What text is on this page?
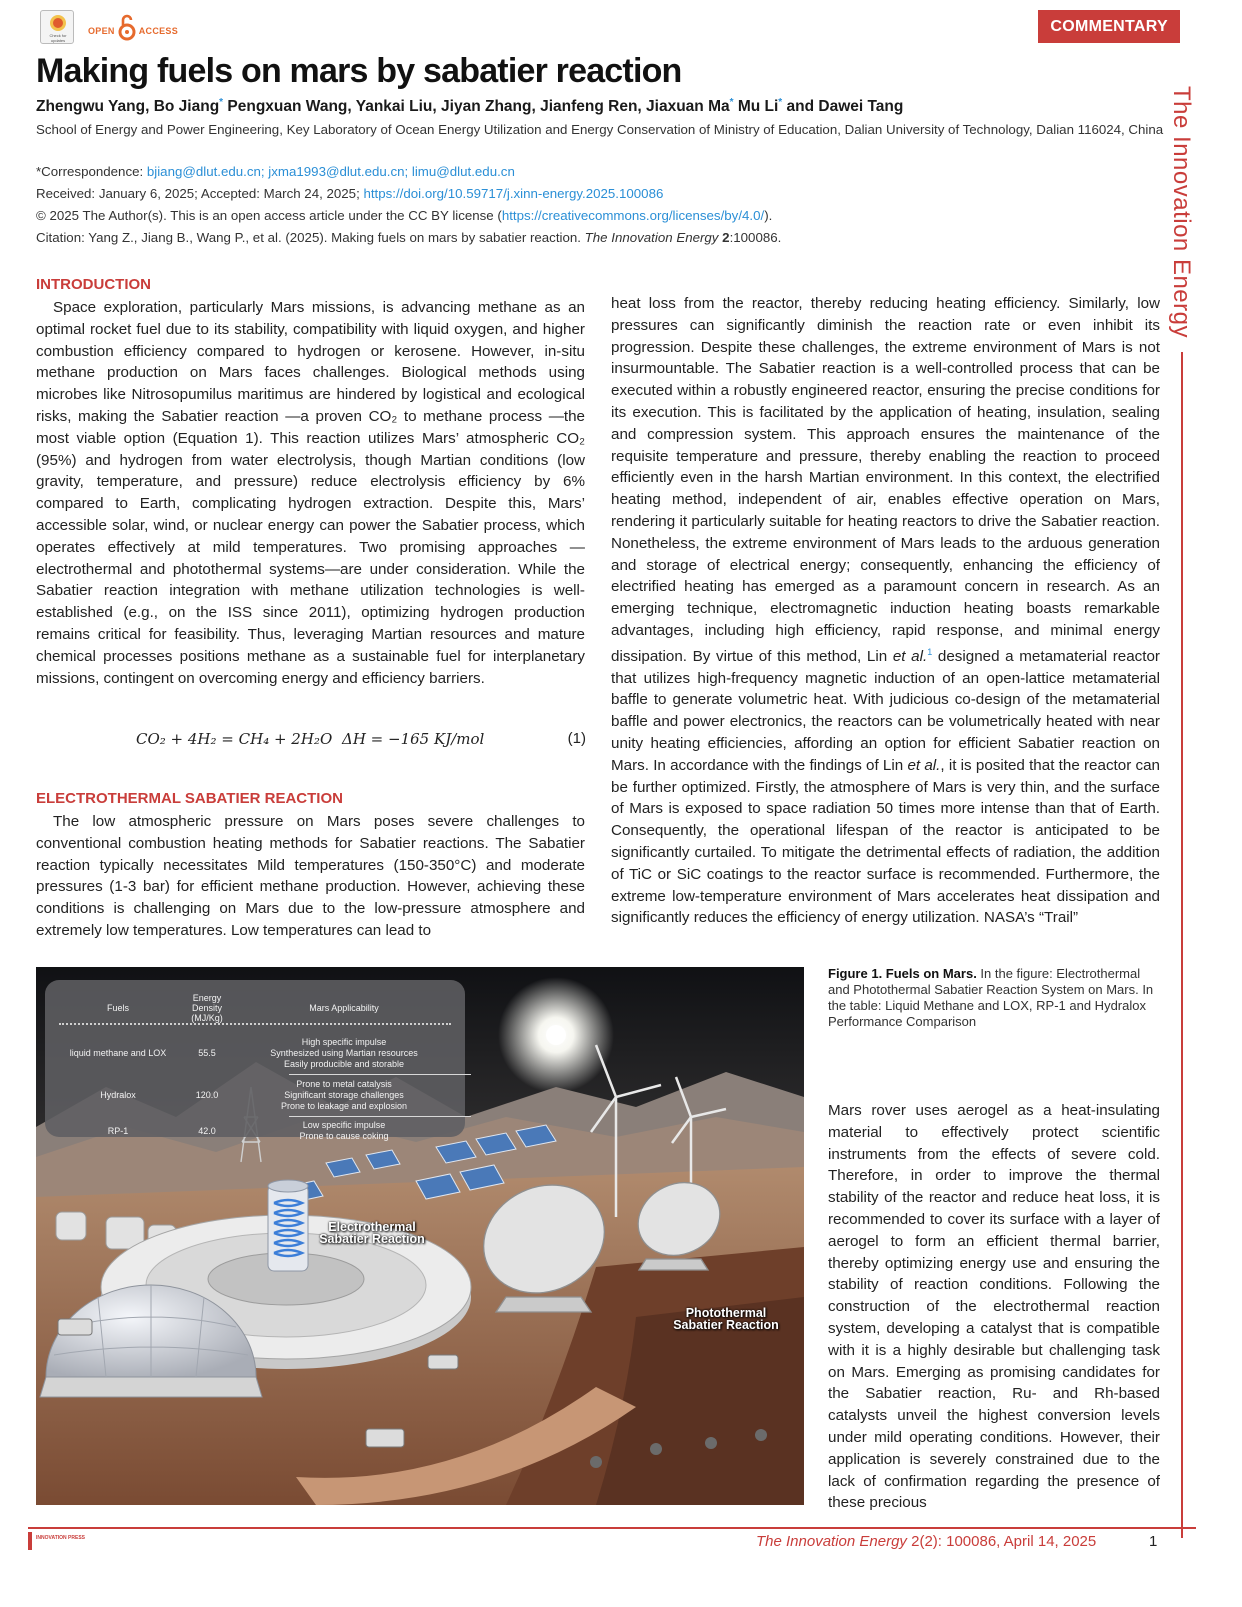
Check for updates
OPEN	ACCESS	COMMENTARY
The Innovation Energy
Making fuels on mars by sabatier reaction
Zhengwu Yang, Bo Jiang* Pengxuan Wang, Yankai Liu, Jiyan Zhang, Jianfeng Ren, Jiaxuan Ma* Mu Li* and Dawei Tang
School of Energy and Power Engineering, Key Laboratory of Ocean Energy Utilization and Energy Conservation of Ministry of Education, Dalian University of Technology, Dalian 116024, China
*Correspondence: bjiang@dlut.edu.cn; jxma1993@dlut.edu.cn; limu@dlut.edu.cn
Received: January 6, 2025; Accepted: March 24, 2025; https://doi.org/10.59717/j.xinn-energy.2025.100086
© 2025 The Author(s). This is an open access article under the CC BY license (https://creativecommons.org/licenses/by/4.0/).
Citation: Yang Z., Jiang B., Wang P., et al. (2025). Making fuels on mars by sabatier reaction. The Innovation Energy 2:100086.
INTRODUCTION

Space exploration, particularly Mars missions, is advancing methane as an optimal rocket fuel due to its stability, compatibility with liquid oxygen, and higher combustion efficiency compared to hydrogen or kerosene. However, in-situ methane production on Mars faces challenges. Biological methods using microbes like Nitrosopumilus maritimus are hindered by logistical and ecological risks, making the Sabatier reaction —a proven CO₂ to methane process —the most viable option (Equation 1). This reaction utilizes Mars’ atmospheric CO₂ (95%) and hydrogen from water electrolysis, though Martian conditions (low gravity, temperature, and pressure) reduce electrolysis efficiency by 6% compared to Earth, complicating hydrogen extraction. Despite this, Mars’ accessible solar, wind, or nuclear energy can power the Sabatier process, which operates effectively at mild temperatures. Two promising approaches —electrothermal and photothermal systems—are under consideration. While the Sabatier reaction integration with methane utilization technologies is well-established (e.g., on the ISS since 2011), optimizing hydrogen production remains critical for feasibility. Thus, leveraging Martian resources and mature chemical processes positions methane as a sustainable fuel for interplanetary missions, contingent on overcoming energy and efficiency barriers.

CO₂ + 4H₂ = CH₄ + 2H₂O ΔH = −165 KJ/mol	(1)
ELECTROTHERMAL SABATIER REACTION

The low atmospheric pressure on Mars poses severe challenges to conventional combustion heating methods for Sabatier reactions. The Sabatier reaction typically necessitates Mild temperatures (150-350°C) and moderate pressures (1-3 bar) for efficient methane production. However, achieving these conditions is challenging on Mars due to the low-pressure atmosphere and extremely low temperatures. Low temperatures can lead to

heat loss from the reactor, thereby reducing heating efficiency. Similarly, low pressures can significantly diminish the reaction rate or even inhibit its progression. Despite these challenges, the extreme environment of Mars is not insurmountable. The Sabatier reaction is a well-controlled process that can be executed within a robustly engineered reactor, ensuring the precise conditions for its execution. This is facilitated by the application of heating, insulation, sealing and compression system. This approach ensures the maintenance of the requisite temperature and pressure, thereby enabling the reaction to proceed efficiently even in the harsh Martian environment. In this context, the electrified heating method, independent of air, enables effective operation on Mars, rendering it particularly suitable for heating reactors to drive the Sabatier reaction. Nonetheless, the extreme environment of Mars leads to the arduous generation and storage of electrical energy; consequently, enhancing the efficiency of electrified heating has emerged as a paramount concern in research. As an emerging technique, electromagnetic induction heating boasts remarkable advantages, including high efficiency, rapid response, and minimal energy dissipation. By virtue of this method, Lin et al.$^1$ designed a metamaterial reactor that utilizes high-frequency magnetic induction of an open-lattice metamaterial baffle to generate volumetric heat. With judicious co-design of the metamaterial baffle and power electronics, the reactors can be volumetrically heated with near unity heating efficiencies, affording an option for efficient Sabatier reaction on Mars. In accordance with the findings of Lin et al., it is posited that the reactor can be further optimized. Firstly, the atmosphere of Mars is very thin, and the surface of Mars is exposed to space radiation 50 times more intense than that of Earth. Consequently, the operational lifespan of the reactor is anticipated to be significantly curtailed. To mitigate the detrimental effects of radiation, the addition of TiC or SiC coatings to the reactor surface is recommended. Furthermore, the extreme low-temperature environment of Mars accelerates heat dissipation and significantly reduces the efficiency of energy utilization. NASA’s “Trail”

Fuels
Energy Density (MJ/Kg)
Mars Applicability
liquid methane and LOX	55.5
High specific impulse
Synthesized using Martian resources
Easily producible and storable
Hydralox	120.0
Prone to metal catalysis
Significant storage challenges
Prone to leakage and explosion
RP-1	42.0
Low specific impulse
Prone to cause coking
Electrothermal Sabatier Reaction
Photothermal Sabatier Reaction
Figure 1. Fuels on Mars. In the figure: Electrothermal and Photothermal Sabatier Reaction System on Mars. In the table: Liquid Methane and LOX, RP-1 and Hydralox Performance Comparison

Mars rover uses aerogel as a heat-insulating material to effectively protect scientific instruments from the effects of severe cold. Therefore, in order to improve the thermal stability of the reactor and reduce heat loss, it is recommended to cover its surface with a layer of aerogel to form an efficient thermal barrier, thereby optimizing energy use and ensuring the stability of reaction conditions. Following the construction of the electrothermal reaction system, developing a catalyst that is compatible with it is a highly desirable but challenging task on Mars. Emerging as promising candidates for the Sabatier reaction, Ru- and Rh-based catalysts unveil the highest conversion levels under mild operating conditions. However, their application is severely constrained due to the lack of confirmation regarding the presence of these precious

INNOVATION PRESS	The Innovation Energy 2(2): 100086, April 14, 2025	1
